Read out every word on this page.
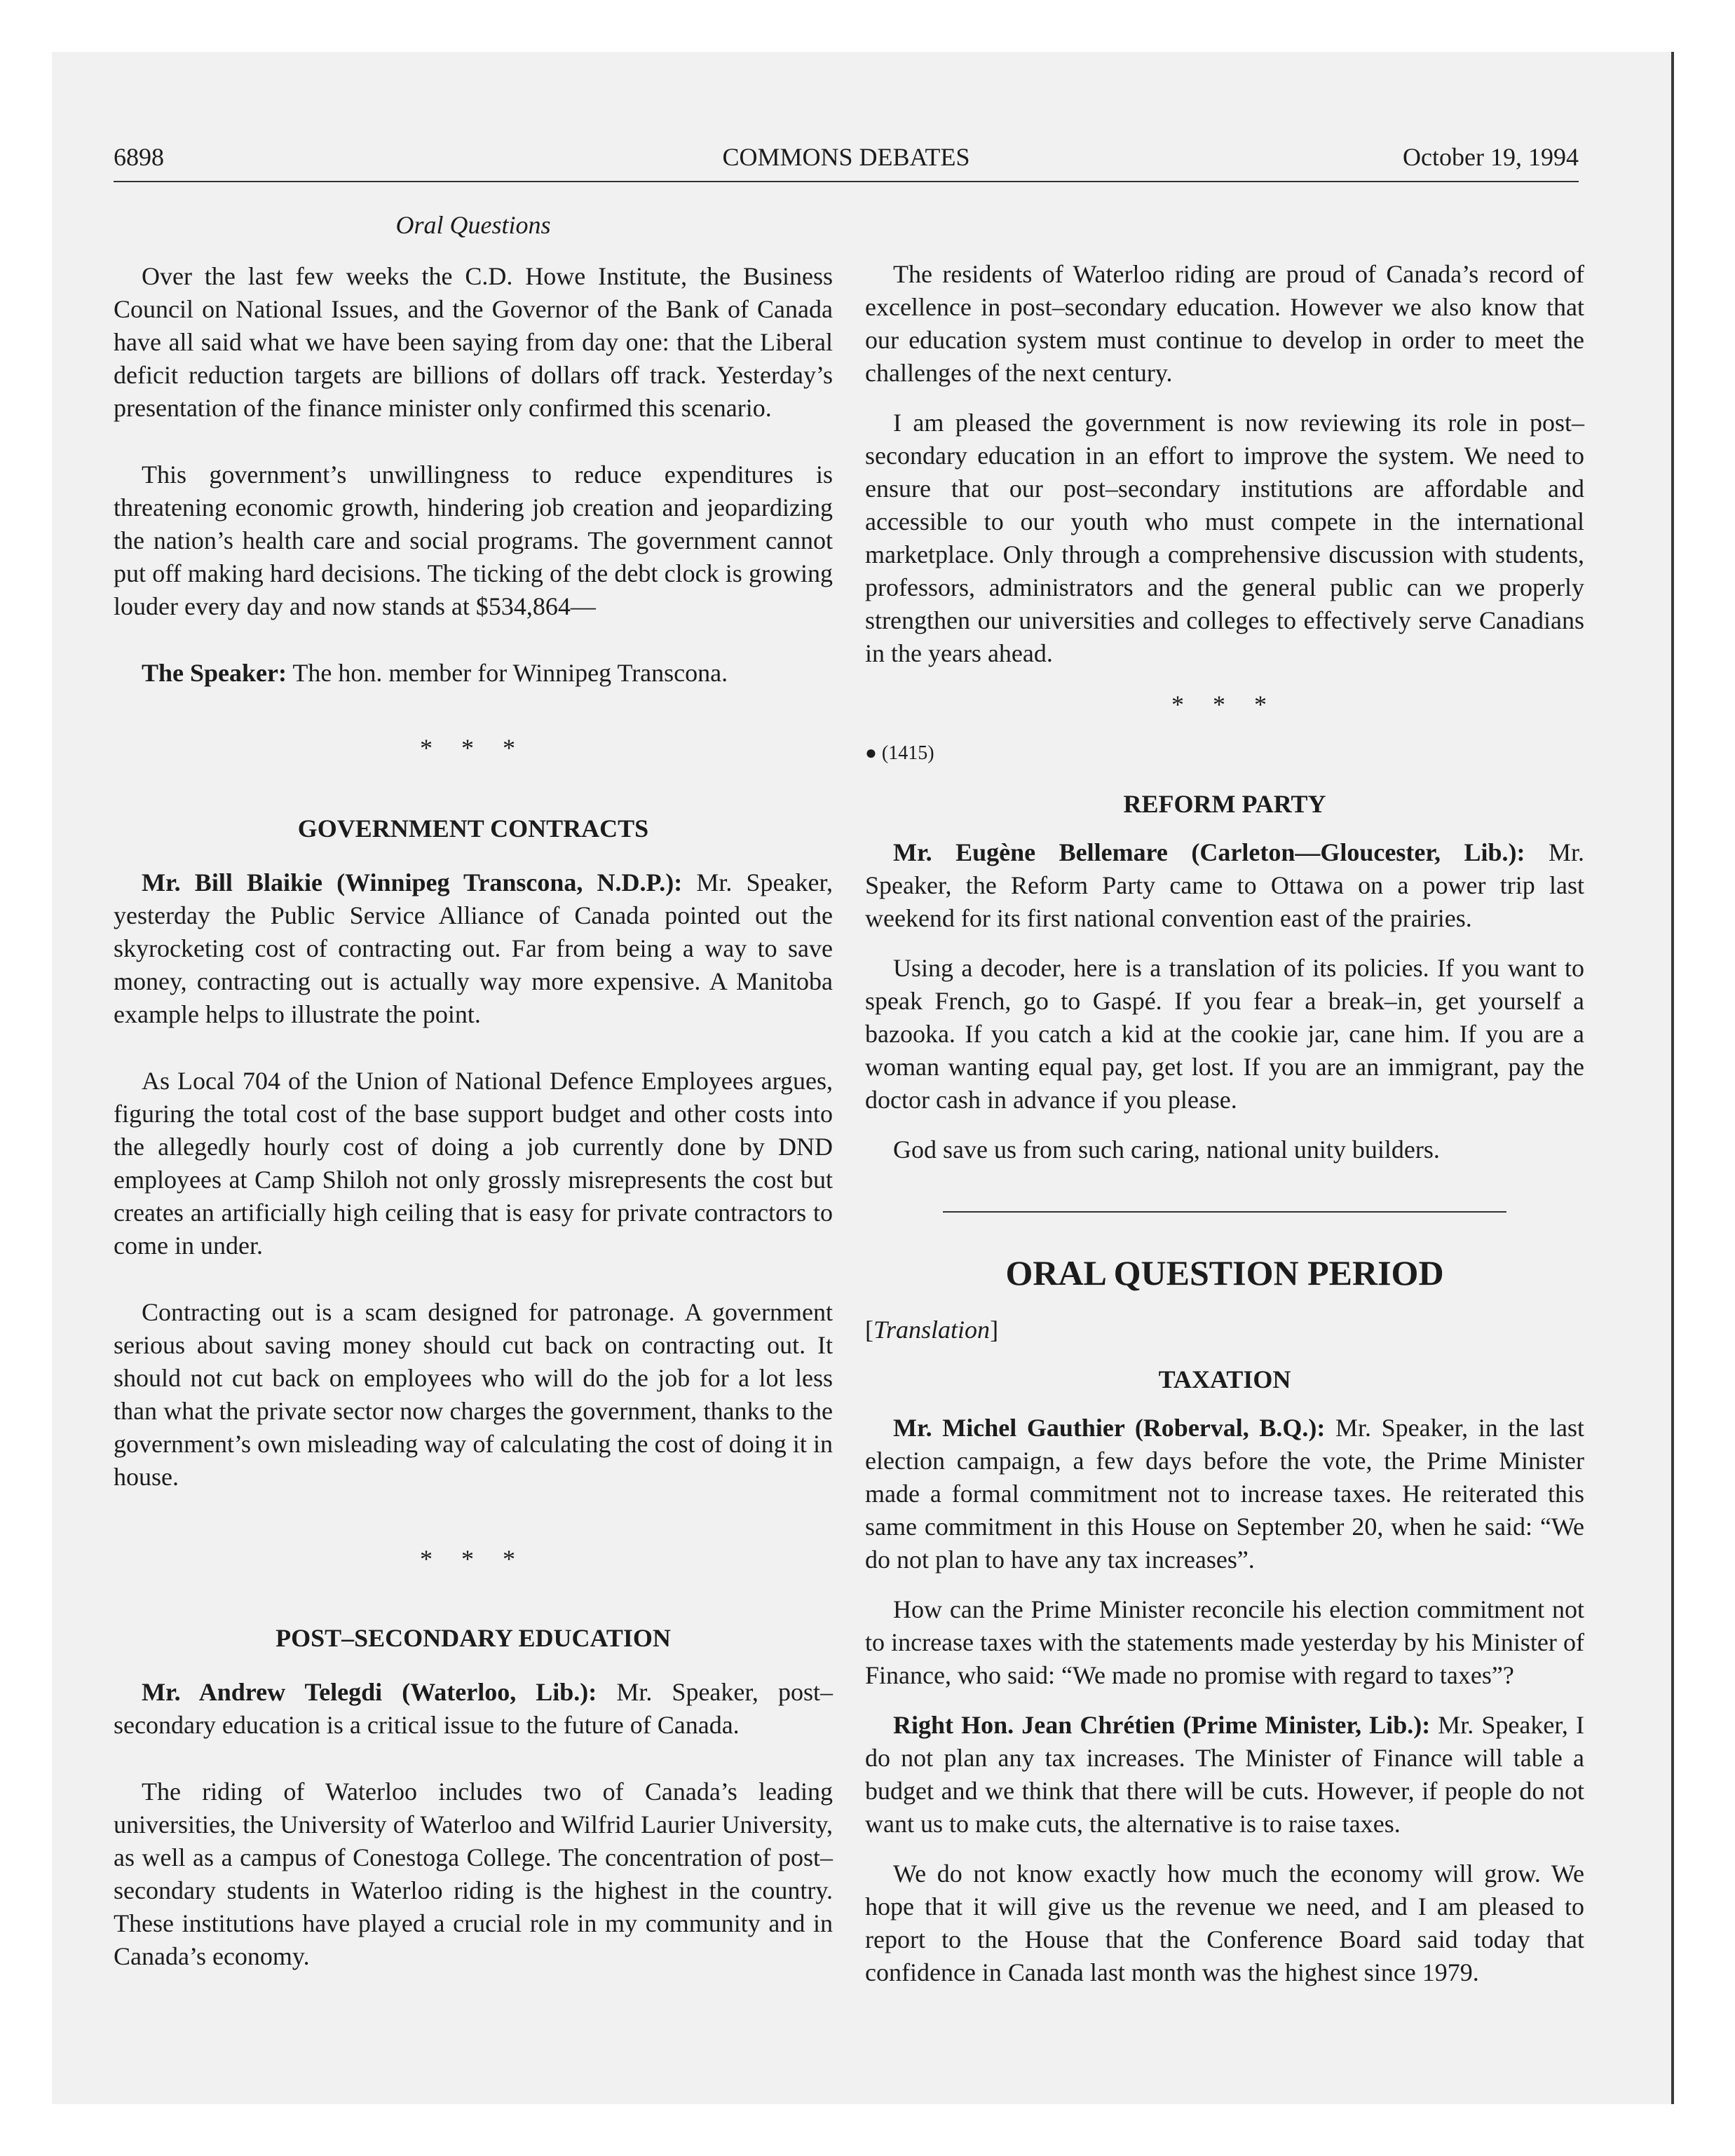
6898	COMMONS DEBATES	October 19, 1994
Oral Questions

Over the last few weeks the C.D. Howe Institute, the Business Council on National Issues, and the Governor of the Bank of Canada have all said what we have been saying from day one: that the Liberal deficit reduction targets are billions of dollars off track. Yesterday’s presentation of the finance minister only confirmed this scenario.

This government’s unwillingness to reduce expenditures is threatening economic growth, hindering job creation and jeopardizing the nation’s health care and social programs. The government cannot put off making hard decisions. The ticking of the debt clock is growing louder every day and now stands at $534,864—

The Speaker: The hon. member for Winnipeg Transcona.

* * *
GOVERNMENT CONTRACTS

Mr. Bill Blaikie (Winnipeg Transcona, N.D.P.): Mr. Speaker, yesterday the Public Service Alliance of Canada pointed out the skyrocketing cost of contracting out. Far from being a way to save money, contracting out is actually way more expensive. A Manitoba example helps to illustrate the point.

As Local 704 of the Union of National Defence Employees argues, figuring the total cost of the base support budget and other costs into the allegedly hourly cost of doing a job currently done by DND employees at Camp Shiloh not only grossly misrepresents the cost but creates an artificially high ceiling that is easy for private contractors to come in under.

Contracting out is a scam designed for patronage. A government serious about saving money should cut back on contracting out. It should not cut back on employees who will do the job for a lot less than what the private sector now charges the government, thanks to the government’s own misleading way of calculating the cost of doing it in house.

* * *
POST–SECONDARY EDUCATION

Mr. Andrew Telegdi (Waterloo, Lib.): Mr. Speaker, post–secondary education is a critical issue to the future of Canada.

The riding of Waterloo includes two of Canada’s leading universities, the University of Waterloo and Wilfrid Laurier University, as well as a campus of Conestoga College. The concentration of post–secondary students in Waterloo riding is the highest in the country. These institutions have played a crucial role in my community and in Canada’s economy.

The residents of Waterloo riding are proud of Canada’s record of excellence in post–secondary education. However we also know that our education system must continue to develop in order to meet the challenges of the next century.

I am pleased the government is now reviewing its role in post–secondary education in an effort to improve the system. We need to ensure that our post–secondary institutions are affordable and accessible to our youth who must compete in the international marketplace. Only through a comprehensive discussion with students, professors, administrators and the general public can we properly strengthen our universities and colleges to effectively serve Canadians in the years ahead.

* * *
● (1415)
REFORM PARTY

Mr. Eugène Bellemare (Carleton—Gloucester, Lib.): Mr. Speaker, the Reform Party came to Ottawa on a power trip last weekend for its first national convention east of the prairies.

Using a decoder, here is a translation of its policies. If you want to speak French, go to Gaspé. If you fear a break–in, get yourself a bazooka. If you catch a kid at the cookie jar, cane him. If you are a woman wanting equal pay, get lost. If you are an immigrant, pay the doctor cash in advance if you please.

God save us from such caring, national unity builders.

ORAL QUESTION PERIOD
[Translation]
TAXATION

Mr. Michel Gauthier (Roberval, B.Q.): Mr. Speaker, in the last election campaign, a few days before the vote, the Prime Minister made a formal commitment not to increase taxes. He reiterated this same commitment in this House on September 20, when he said: “We do not plan to have any tax increases”.

How can the Prime Minister reconcile his election commitment not to increase taxes with the statements made yesterday by his Minister of Finance, who said: “We made no promise with regard to taxes”?

Right Hon. Jean Chrétien (Prime Minister, Lib.): Mr. Speaker, I do not plan any tax increases. The Minister of Finance will table a budget and we think that there will be cuts. However, if people do not want us to make cuts, the alternative is to raise taxes.

We do not know exactly how much the economy will grow. We hope that it will give us the revenue we need, and I am pleased to report to the House that the Conference Board said today that confidence in Canada last month was the highest since 1979.
